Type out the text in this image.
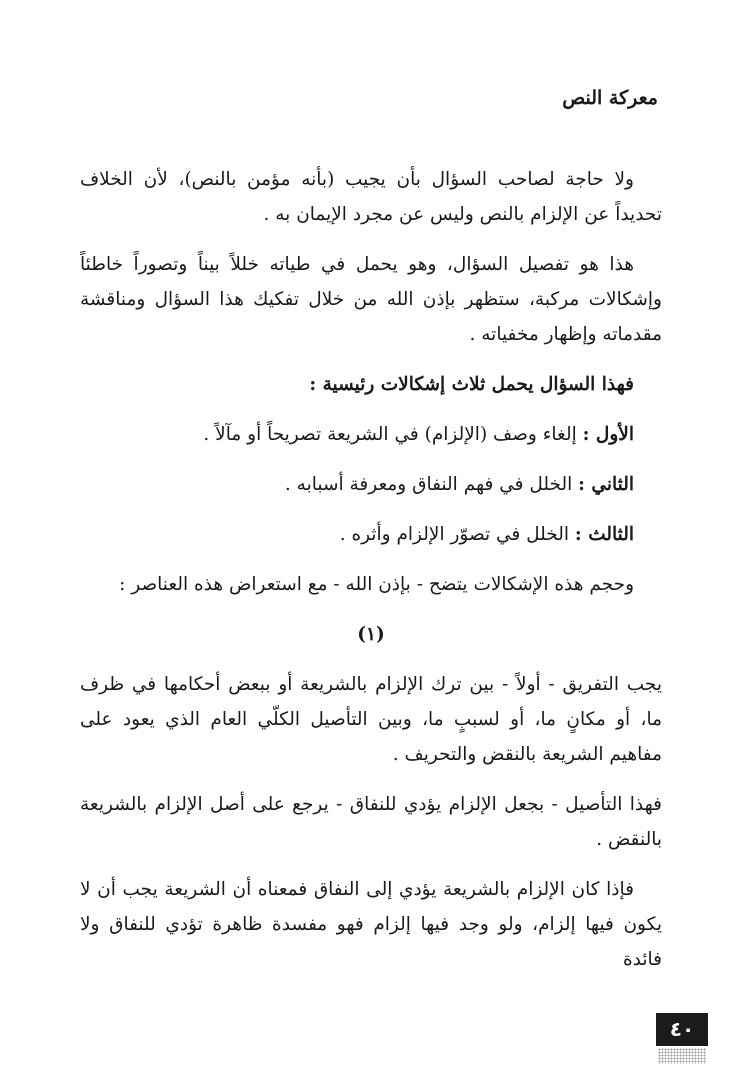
معركة النص

ولا حاجة لصاحب السؤال بأن يجيب (بأنه مؤمن بالنص)، لأن الخلاف تحديداً عن الإلزام بالنص وليس عن مجرد الإيمان به .

هذا هو تفصيل السؤال، وهو يحمل في طياته خللاً بيناً وتصوراً خاطئاً وإشكالات مركبة، ستظهر بإذن الله من خلال تفكيك هذا السؤال ومناقشة مقدماته وإظهار مخفياته .

فهذا السؤال يحمل ثلاث إشكالات رئيسية :

الأول : إلغاء وصف (الإلزام) في الشريعة تصريحاً أو مآلاً .

الثاني : الخلل في فهم النفاق ومعرفة أسبابه .

الثالث : الخلل في تصوّر الإلزام وأثره .

وحجم هذه الإشكالات يتضح - بإذن الله - مع استعراض هذه العناصر :

(١)

يجب التفريق - أولاً - بين ترك الإلزام بالشريعة أو ببعض أحكامها في ظرف ما، أو مكانٍ ما، أو لسببٍ ما، وبين التأصيل الكلّي العام الذي يعود على مفاهيم الشريعة بالنقض والتحريف .

فهذا التأصيل - بجعل الإلزام يؤدي للنفاق - يرجع على أصل الإلزام بالشريعة بالنقض .

فإذا كان الإلزام بالشريعة يؤدي إلى النفاق فمعناه أن الشريعة يجب أن لا يكون فيها إلزام، ولو وجد فيها إلزام فهو مفسدة ظاهرة تؤدي للنفاق ولا فائدة

٤٠
